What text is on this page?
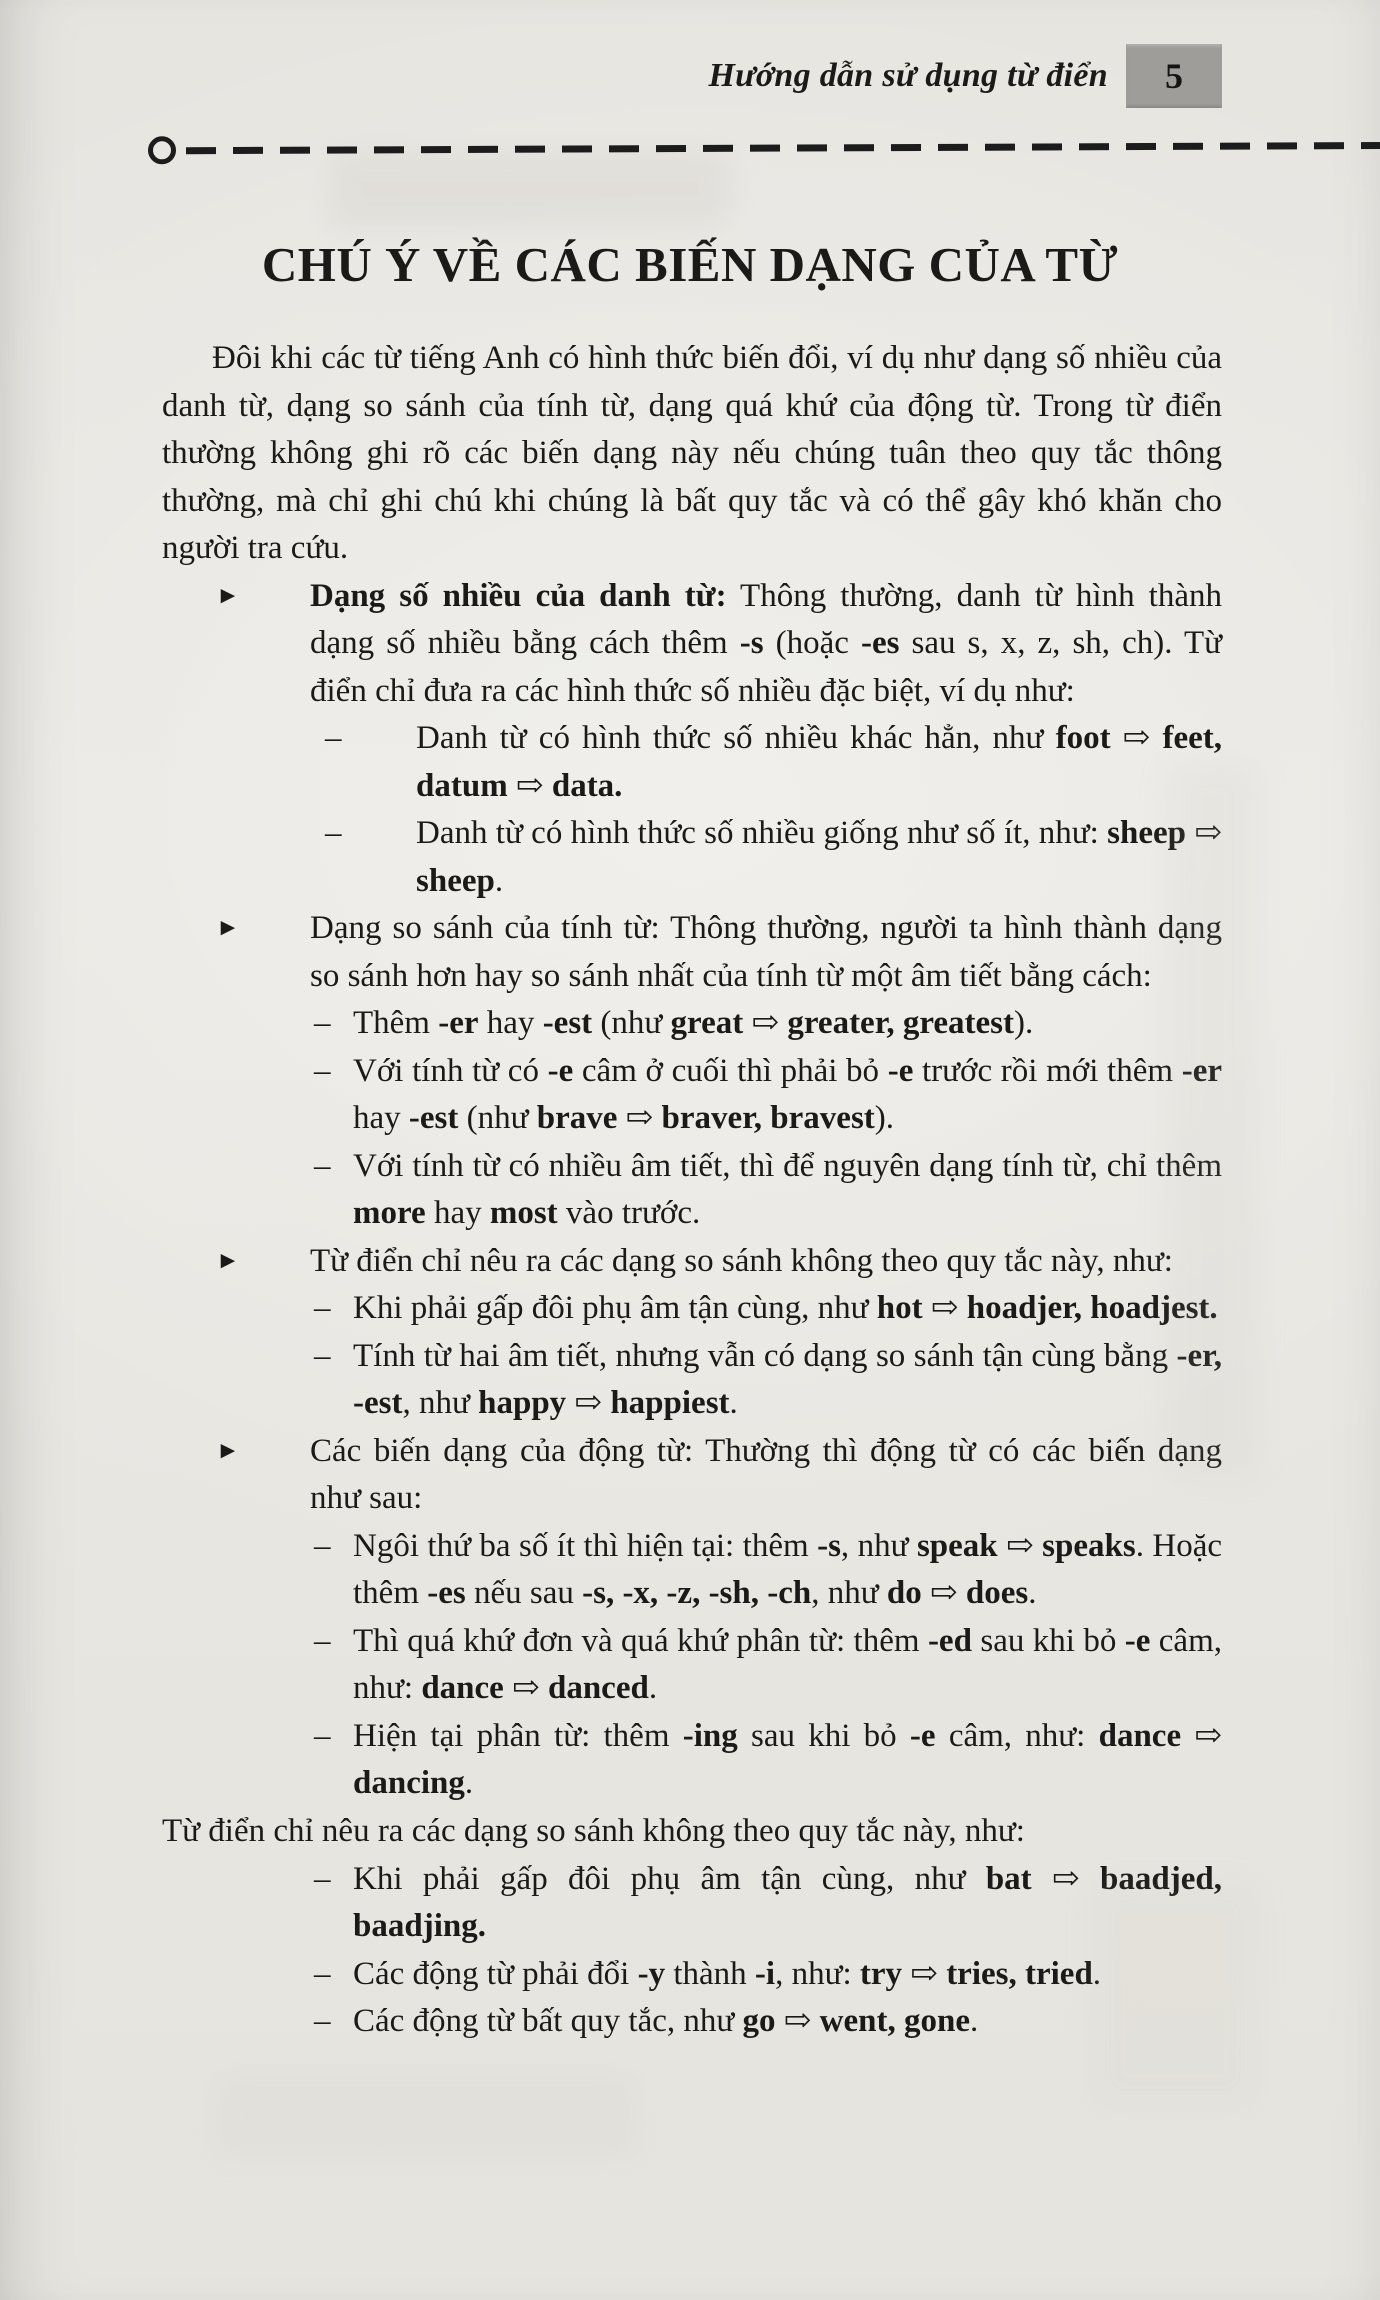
Hướng dẫn sử dụng từ điển 5
CHÚ Ý VỀ CÁC BIẾN DẠNG CỦA TỪ
Đôi khi các từ tiếng Anh có hình thức biến đổi, ví dụ như dạng số nhiều của danh từ, dạng so sánh của tính từ, dạng quá khứ của động từ. Trong từ điển thường không ghi rõ các biến dạng này nếu chúng tuân theo quy tắc thông thường, mà chỉ ghi chú khi chúng là bất quy tắc và có thể gây khó khăn cho người tra cứu.
►	Dạng số nhiều của danh từ: Thông thường, danh từ hình thành dạng số nhiều bằng cách thêm -s (hoặc -es sau s, x, z, sh, ch). Từ điển chỉ đưa ra các hình thức số nhiều đặc biệt, ví dụ như:
–	Danh từ có hình thức số nhiều khác hẳn, như foot ⇨ feet, datum ⇨ data.
–	Danh từ có hình thức số nhiều giống như số ít, như: sheep ⇨ sheep.
►	Dạng so sánh của tính từ: Thông thường, người ta hình thành dạng so sánh hơn hay so sánh nhất của tính từ một âm tiết bằng cách:
– Thêm -er hay -est (như great ⇨ greater, greatest).
– Với tính từ có -e câm ở cuối thì phải bỏ -e trước rồi mới thêm -er hay -est (như brave ⇨ braver, bravest).
– Với tính từ có nhiều âm tiết, thì để nguyên dạng tính từ, chỉ thêm more hay most vào trước.
►	Từ điển chỉ nêu ra các dạng so sánh không theo quy tắc này, như:
– Khi phải gấp đôi phụ âm tận cùng, như hot ⇨ hoadjer, hoadjest.
– Tính từ hai âm tiết, nhưng vẫn có dạng so sánh tận cùng bằng -er, -est, như happy ⇨ happiest.
►	Các biến dạng của động từ: Thường thì động từ có các biến dạng như sau:
– Ngôi thứ ba số ít thì hiện tại: thêm -s, như speak ⇨ speaks. Hoặc thêm -es nếu sau -s, -x, -z, -sh, -ch, như do ⇨ does.
– Thì quá khứ đơn và quá khứ phân từ: thêm -ed sau khi bỏ -e câm, như: dance ⇨ danced.
– Hiện tại phân từ: thêm -ing sau khi bỏ -e câm, như: dance ⇨ dancing.
Từ điển chỉ nêu ra các dạng so sánh không theo quy tắc này, như:
– Khi phải gấp đôi phụ âm tận cùng, như bat ⇨ baadjed, baadjing.
– Các động từ phải đổi -y thành -i, như: try ⇨ tries, tried.
– Các động từ bất quy tắc, như go ⇨ went, gone.
